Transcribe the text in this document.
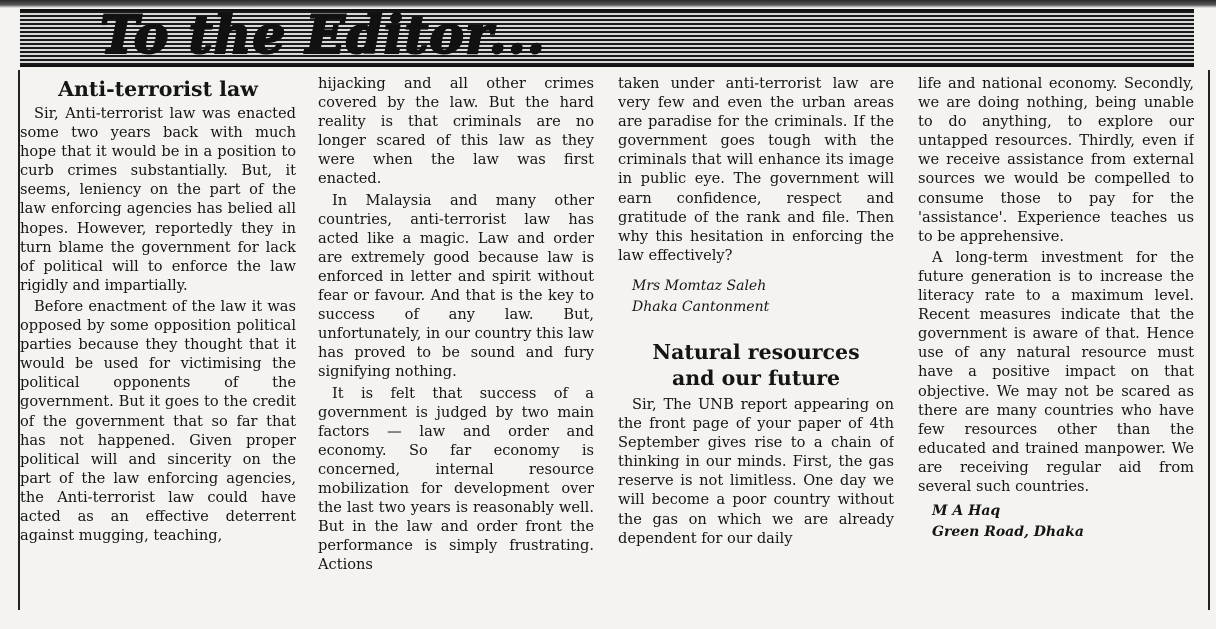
To the Editor...
Anti-terrorist law

Sir, Anti-terrorist law was enacted some two years back with much hope that it would be in a position to curb crimes substantially. But, it seems, leniency on the part of the law enforcing agencies has belied all hopes. However, reportedly they in turn blame the government for lack of political will to enforce the law rigidly and impartially.

Before enactment of the law it was opposed by some opposition political parties because they thought that it would be used for victimising the political opponents of the government. But it goes to the credit of the government that so far that has not happened. Given proper political will and sincerity on the part of the law enforcing agencies, the Anti-terrorist law could have acted as an effective deterrent against mugging, teaching,

hijacking and all other crimes covered by the law. But the hard reality is that criminals are no longer scared of this law as they were when the law was first enacted.

In Malaysia and many other countries, anti-terrorist law has acted like a magic. Law and order are extremely good because law is enforced in letter and spirit without fear or favour. And that is the key to success of any law. But, unfortunately, in our country this law has proved to be sound and fury signifying nothing.

It is felt that success of a government is judged by two main factors — law and order and economy. So far economy is concerned, internal resource mobilization for development over the last two years is reasonably well. But in the law and order front the performance is simply frustrating. Actions

taken under anti-terrorist law are very few and even the urban areas are paradise for the criminals. If the government goes tough with the criminals that will enhance its image in public eye. The government will earn confidence, respect and gratitude of the rank and file. Then why this hesitation in enforcing the law effectively?

Mrs Momtaz Saleh

Dhaka Cantonment

Natural resources
and our future

Sir, The UNB report appearing on the front page of your paper of 4th September gives rise to a chain of thinking in our minds. First, the gas reserve is not limitless. One day we will become a poor country without the gas on which we are already dependent for our daily

life and national economy. Secondly, we are doing nothing, being unable to do anything, to explore our untapped resources. Thirdly, even if we receive assistance from external sources we would be compelled to consume those to pay for the 'assistance'. Experience teaches us to be apprehensive.

A long-term investment for the future generation is to increase the literacy rate to a maximum level. Recent measures indicate that the government is aware of that. Hence use of any natural resource must have a positive impact on that objective. We may not be scared as there are many countries who have few resources other than the educated and trained manpower. We are receiving regular aid from several such countries.

M A Haq

Green Road, Dhaka
